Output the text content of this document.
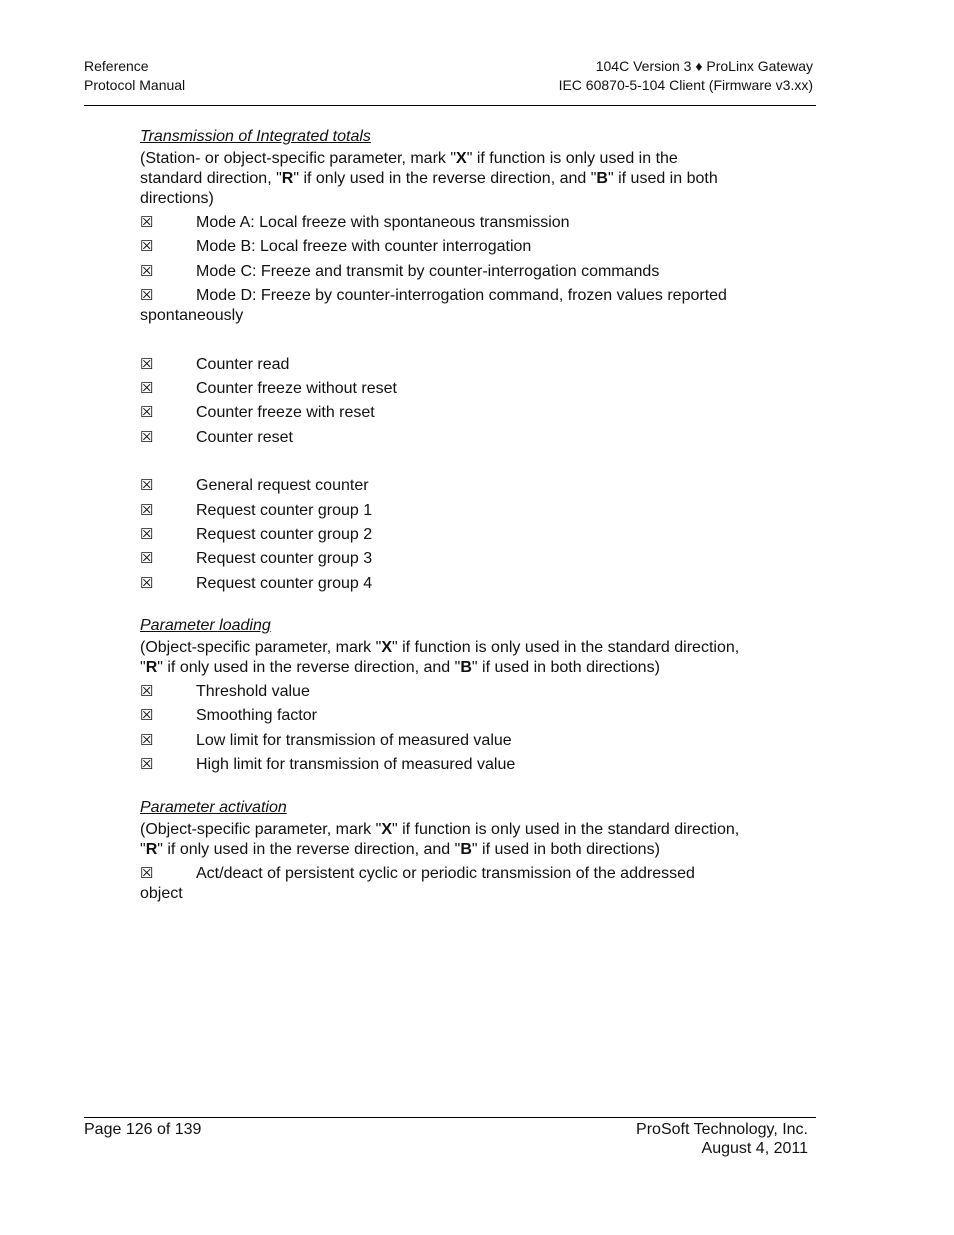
Reference
Protocol Manual
104C Version 3 ♦ ProLinx Gateway
IEC 60870-5-104 Client (Firmware v3.xx)

Transmission of Integrated totals

(Station- or object-specific parameter, mark "X" if function is only used in the standard direction, "R" if only used in the reverse direction, and "B" if used in both directions)

☒	Mode A: Local freeze with spontaneous transmission
☒	Mode B: Local freeze with counter interrogation
☒	Mode C: Freeze and transmit by counter-interrogation commands
☒	Mode D: Freeze by counter-interrogation command, frozen values reported spontaneously
☒	Counter read
☒	Counter freeze without reset
☒	Counter freeze with reset
☒	Counter reset
☒	General request counter
☒	Request counter group 1
☒	Request counter group 2
☒	Request counter group 3
☒	Request counter group 4

Parameter loading

(Object-specific parameter, mark "X" if function is only used in the standard direction, "R" if only used in the reverse direction, and "B" if used in both directions)

☒	Threshold value
☒	Smoothing factor
☒	Low limit for transmission of measured value
☒	High limit for transmission of measured value

Parameter activation

(Object-specific parameter, mark "X" if function is only used in the standard direction, "R" if only used in the reverse direction, and "B" if used in both directions)

☒	Act/deact of persistent cyclic or periodic transmission of the addressed object
Page 126 of 139	ProSoft Technology, Inc.
August 4, 2011
